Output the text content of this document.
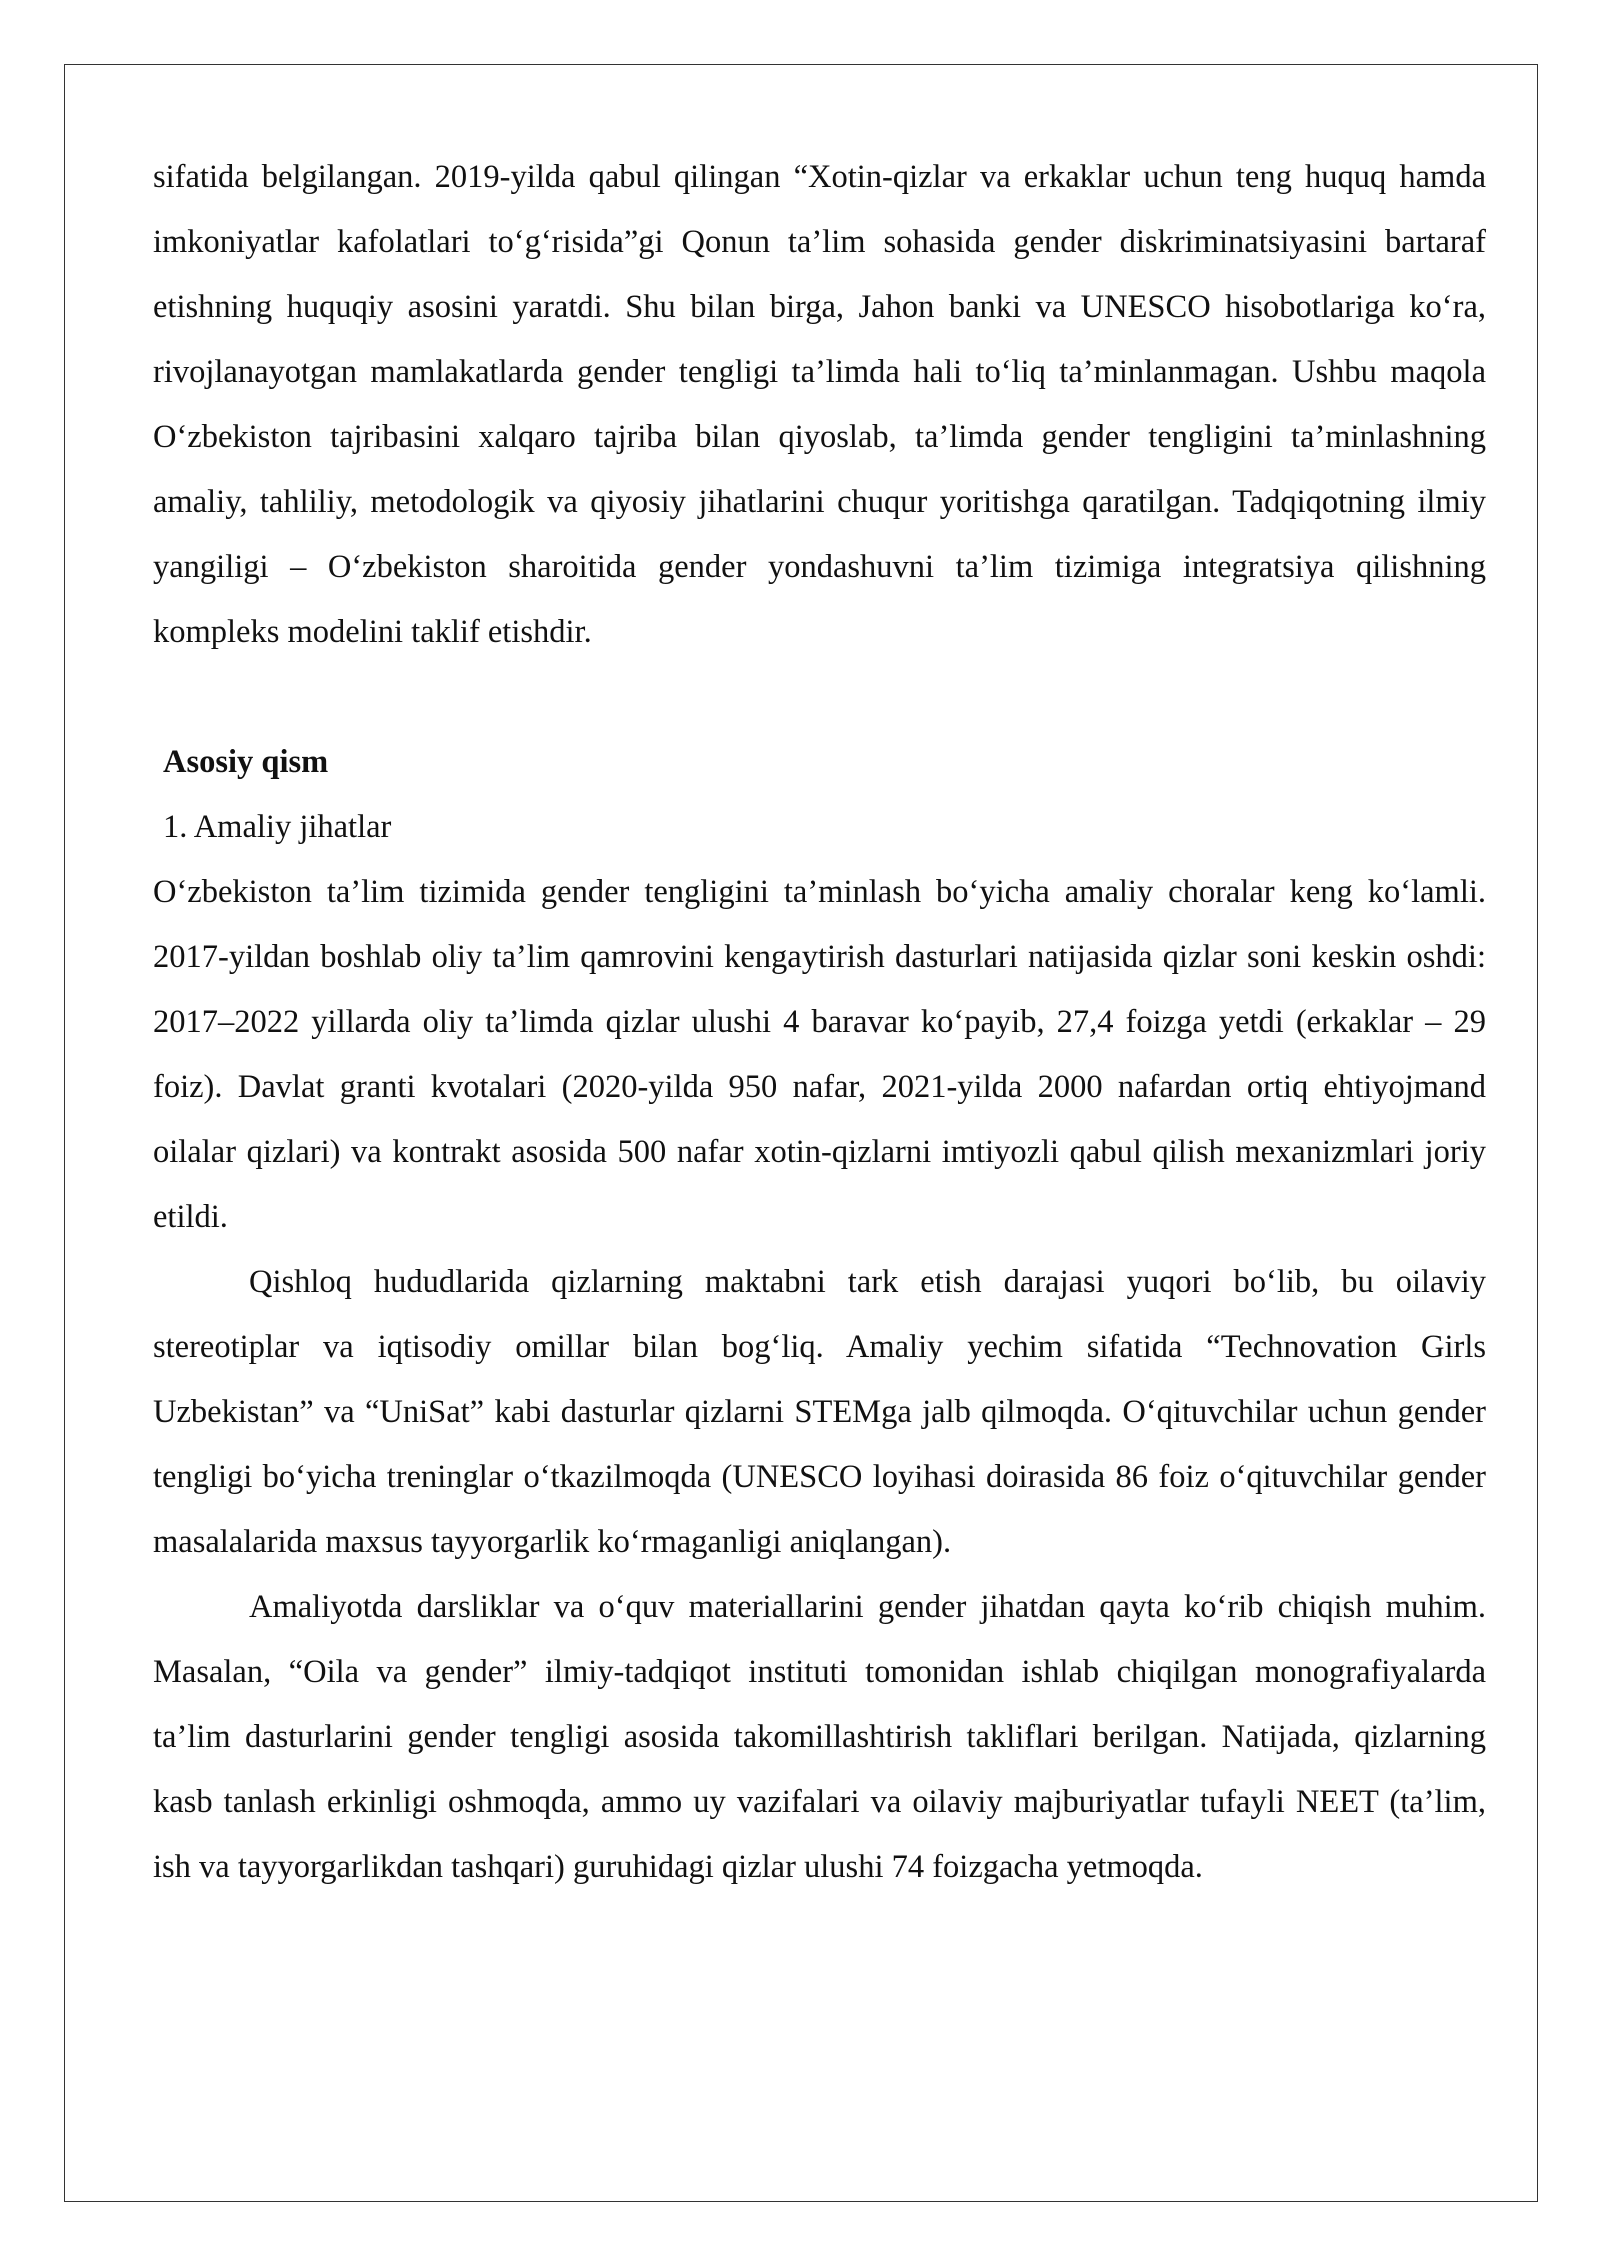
sifatida belgilangan. 2019-yilda qabul qilingan “Xotin-qizlar va erkaklar uchun teng huquq hamda imkoniyatlar kafolatlari to‘g‘risida”gi Qonun ta’lim sohasida gender diskriminatsiyasini bartaraf etishning huquqiy asosini yaratdi. Shu bilan birga, Jahon banki va UNESCO hisobotlariga ko‘ra, rivojlanayotgan mamlakatlarda gender tengligi ta’limda hali to‘liq ta’minlanmagan. Ushbu maqola O‘zbekiston tajribasini xalqaro tajriba bilan qiyoslab, ta’limda gender tengligini ta’minlashning amaliy, tahliliy, metodologik va qiyosiy jihatlarini chuqur yoritishga qaratilgan. Tadqiqotning ilmiy yangiligi – O‘zbekiston sharoitida gender yondashuvni ta’lim tizimiga integratsiya qilishning kompleks modelini taklif etishdir.

Asosiy qism

1. Amaliy jihatlar

O‘zbekiston ta’lim tizimida gender tengligini ta’minlash bo‘yicha amaliy choralar keng ko‘lamli. 2017-yildan boshlab oliy ta’lim qamrovini kengaytirish dasturlari natijasida qizlar soni keskin oshdi: 2017–2022 yillarda oliy ta’limda qizlar ulushi 4 baravar ko‘payib, 27,4 foizga yetdi (erkaklar – 29 foiz). Davlat granti kvotalari (2020-yilda 950 nafar, 2021-yilda 2000 nafardan ortiq ehtiyojmand oilalar qizlari) va kontrakt asosida 500 nafar xotin-qizlarni imtiyozli qabul qilish mexanizmlari joriy etildi.

Qishloq hududlarida qizlarning maktabni tark etish darajasi yuqori bo‘lib, bu oilaviy stereotiplar va iqtisodiy omillar bilan bog‘liq. Amaliy yechim sifatida “Technovation Girls Uzbekistan” va “UniSat” kabi dasturlar qizlarni STEMga jalb qilmoqda. O‘qituvchilar uchun gender tengligi bo‘yicha treninglar o‘tkazilmoqda (UNESCO loyihasi doirasida 86 foiz o‘qituvchilar gender masalalarida maxsus tayyorgarlik ko‘rmaganligi aniqlangan).

Amaliyotda darsliklar va o‘quv materiallarini gender jihatdan qayta ko‘rib chiqish muhim. Masalan, “Oila va gender” ilmiy-tadqiqot instituti tomonidan ishlab chiqilgan monografiyalarda ta’lim dasturlarini gender tengligi asosida takomillashtirish takliflari berilgan. Natijada, qizlarning kasb tanlash erkinligi oshmoqda, ammo uy vazifalari va oilaviy majburiyatlar tufayli NEET (ta’lim, ish va tayyorgarlikdan tashqari) guruhidagi qizlar ulushi 74 foizgacha yetmoqda.
